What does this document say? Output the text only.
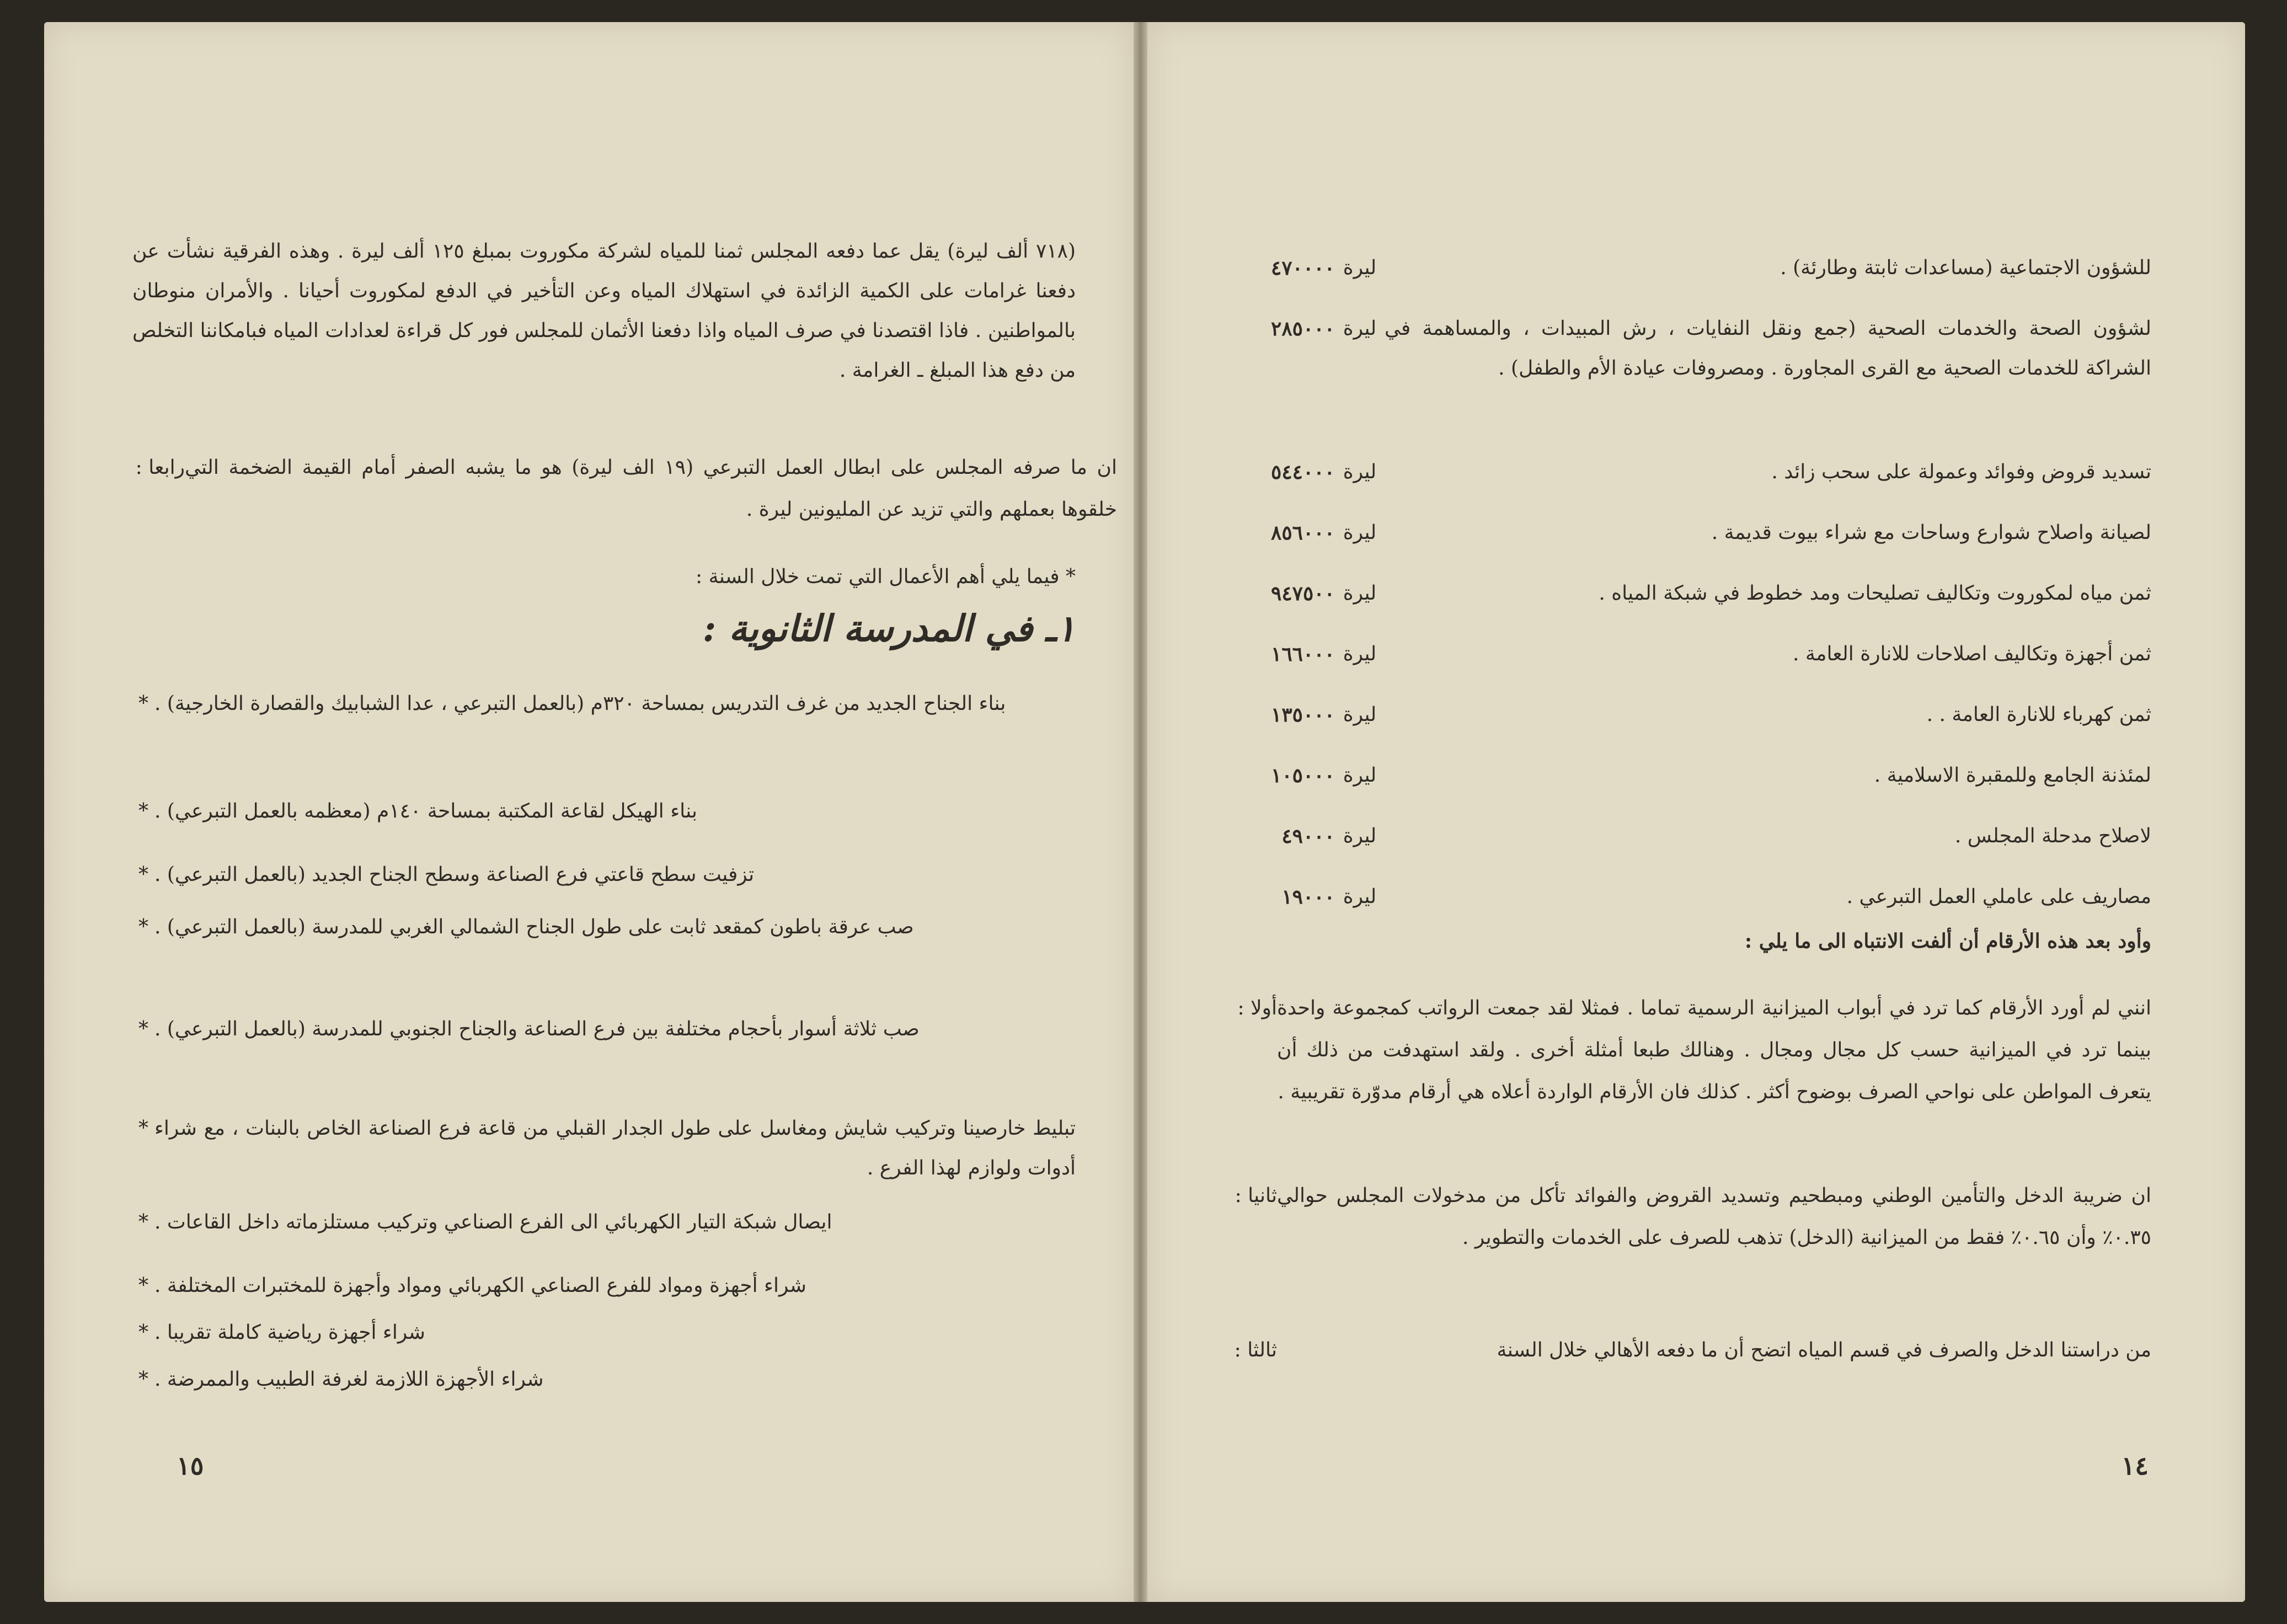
(٧١٨ ألف ليرة) يقل عما دفعه المجلس ثمنا للمياه لشركة مكوروت بمبلغ ١٢٥ ألف ليرة . وهذه الفرقية نشأت عن دفعنا غرامات على الكمية الزائدة في استهلاك المياه وعن التأخير في الدفع لمكوروت أحيانا . والأمران منوطان بالمواطنين . فاذا اقتصدنا في صرف المياه واذا دفعنا الأثمان للمجلس فور كل قراءة لعدادات المياه فبامكاننا التخلص من دفع هذا المبلغ ـ الغرامة .
رابعا : ان ما صرفه المجلس على ابطال العمل التبرعي (١٩ الف ليرة) هو ما يشبه الصفر أمام القيمة الضخمة التي خلقوها بعملهم والتي تزيد عن المليونين ليرة .
* فيما يلي أهم الأعمال التي تمت خلال السنة :
١ـ في المدرسة الثانوية :
* بناء الجناح الجديد من غرف التدريس بمساحة ٣٢٠م (بالعمل التبرعي ، عدا الشبابيك والقصارة الخارجية) .
* بناء الهيكل لقاعة المكتبة بمساحة ١٤٠م (معظمه بالعمل التبرعي) .
* تزفيت سطح قاعتي فرع الصناعة وسطح الجناح الجديد (بالعمل التبرعي) .
* صب عرقة باطون كمقعد ثابت على طول الجناح الشمالي الغربي للمدرسة (بالعمل التبرعي) .
* صب ثلاثة أسوار بأحجام مختلفة بين فرع الصناعة والجناح الجنوبي للمدرسة (بالعمل التبرعي) .
* تبليط خارصينا وتركيب شايش ومغاسل على طول الجدار القبلي من قاعة فرع الصناعة الخاص بالبنات ، مع شراء أدوات ولوازم لهذا الفرع .
* ايصال شبكة التيار الكهربائي الى الفرع الصناعي وتركيب مستلزماته داخل القاعات .
* شراء أجهزة ومواد للفرع الصناعي الكهربائي ومواد وأجهزة للمختبرات المختلفة .
* شراء أجهزة رياضية كاملة تقريبا .
* شراء الأجهزة اللازمة لغرفة الطبيب والممرضة .
١٥
٤٧٠٠٠٠ ليرة	للشؤون الاجتماعية (مساعدات ثابتة وطارئة) .
٢٨٥٠٠٠ ليرة لشؤون الصحة والخدمات الصحية (جمع ونقل النفايات ، رش المبيدات ، والمساهمة في الشراكة للخدمات الصحية مع القرى المجاورة . ومصروفات عيادة الأم والطفل) .
٥٤٤٠٠٠ ليرة	تسديد قروض وفوائد وعمولة على سحب زائد .
٨٥٦٠٠٠ ليرة	لصيانة واصلاح شوارع وساحات مع شراء بيوت قديمة .
٩٤٧٥٠٠ ليرة	ثمن مياه لمكوروت وتكاليف تصليحات ومد خطوط في شبكة المياه .
١٦٦٠٠٠ ليرة	ثمن أجهزة وتكاليف اصلاحات للانارة العامة .
١٣٥٠٠٠ ليرة	ثمن كهرباء للانارة العامة . .
١٠٥٠٠٠ ليرة	لمئذنة الجامع وللمقبرة الاسلامية .
٤٩٠٠٠ ليرة	لاصلاح مدحلة المجلس .
١٩٠٠٠ ليرة	مصاريف على عاملي العمل التبرعي .
وأود بعد هذه الأرقام أن ألفت الانتباه الى ما يلي :
أولا : انني لم أورد الأرقام كما ترد في أبواب الميزانية الرسمية تماما . فمثلا لقد جمعت الرواتب كمجموعة واحدة بينما ترد في الميزانية حسب كل مجال ومجال . وهنالك طبعا أمثلة أخرى . ولقد استهدفت من ذلك أن يتعرف المواطن على نواحي الصرف بوضوح أكثر . كذلك فان الأرقام الواردة أعلاه هي أرقام مدوّرة تقريبية .
ثانيا : ان ضريبة الدخل والتأمين الوطني ومبطحيم وتسديد القروض والفوائد تأكل من مدخولات المجلس حوالي ٠.٣٥٪ وأن ٠.٦٥٪ فقط من الميزانية (الدخل) تذهب للصرف على الخدمات والتطوير .
ثالثا :	من دراستنا الدخل والصرف في قسم المياه اتضح أن ما دفعه الأهالي خلال السنة
١٤
